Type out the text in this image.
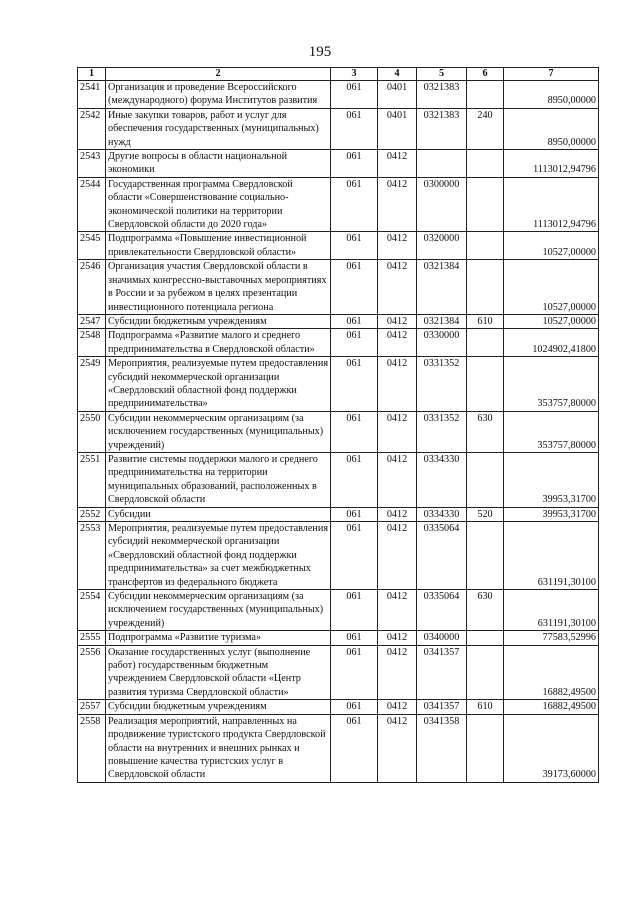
195
1	2	3	4	5	6	7
2541	Организация и проведение Всероссийского (международного) форума Институтов развития	061	0401	0321383		8950,00000
2542	Иные закупки товаров, работ и услуг для обеспечения государственных (муниципальных) нужд	061	0401	0321383	240	8950,00000
2543	Другие вопросы в области национальной экономики	061	0412			1113012,94796
2544	Государственная программа Свердловской области «Совершенствование социально-экономической политики на территории Свердловской области до 2020 года»	061	0412	0300000		1113012,94796
2545	Подпрограмма «Повышение инвестиционной привлекательности Свердловской области»	061	0412	0320000		10527,00000
2546	Организация участия Свердловской области в значимых конгрессно-выставочных мероприятиях в России и за рубежом в целях презентации инвестиционного потенциала региона	061	0412	0321384		10527,00000
2547	Субсидии бюджетным учреждениям	061	0412	0321384	610	10527,00000
2548	Подпрограмма «Развитие малого и среднего предпринимательства в Свердловской области»	061	0412	0330000		1024902,41800
2549	Мероприятия, реализуемые путем предоставления субсидий некоммерческой организации «Свердловский областной фонд поддержки предпринимательства»	061	0412	0331352		353757,80000
2550	Субсидии некоммерческим организациям (за исключением государственных (муниципальных) учреждений)	061	0412	0331352	630	353757,80000
2551	Развитие системы поддержки малого и среднего предпринимательства на территории муниципальных образований, расположенных в Свердловской области	061	0412	0334330		39953,31700
2552	Субсидии	061	0412	0334330	520	39953,31700
2553	Мероприятия, реализуемые путем предоставления субсидий некоммерческой организации «Свердловский областной фонд поддержки предпринимательства» за счет межбюджетных трансфертов из федерального бюджета	061	0412	0335064		631191,30100
2554	Субсидии некоммерческим организациям (за исключением государственных (муниципальных) учреждений)	061	0412	0335064	630	631191,30100
2555	Подпрограмма «Развитие туризма»	061	0412	0340000		77583,52996
2556	Оказание государственных услуг (выполнение работ) государственным бюджетным учреждением Свердловской области «Центр развития туризма Свердловской области»	061	0412	0341357		16882,49500
2557	Субсидии бюджетным учреждениям	061	0412	0341357	610	16882,49500
2558	Реализация мероприятий, направленных на продвижение туристского продукта Свердловской области на внутренних и внешних рынках и повышение качества туристских услуг в Свердловской области	061	0412	0341358		39173,60000
